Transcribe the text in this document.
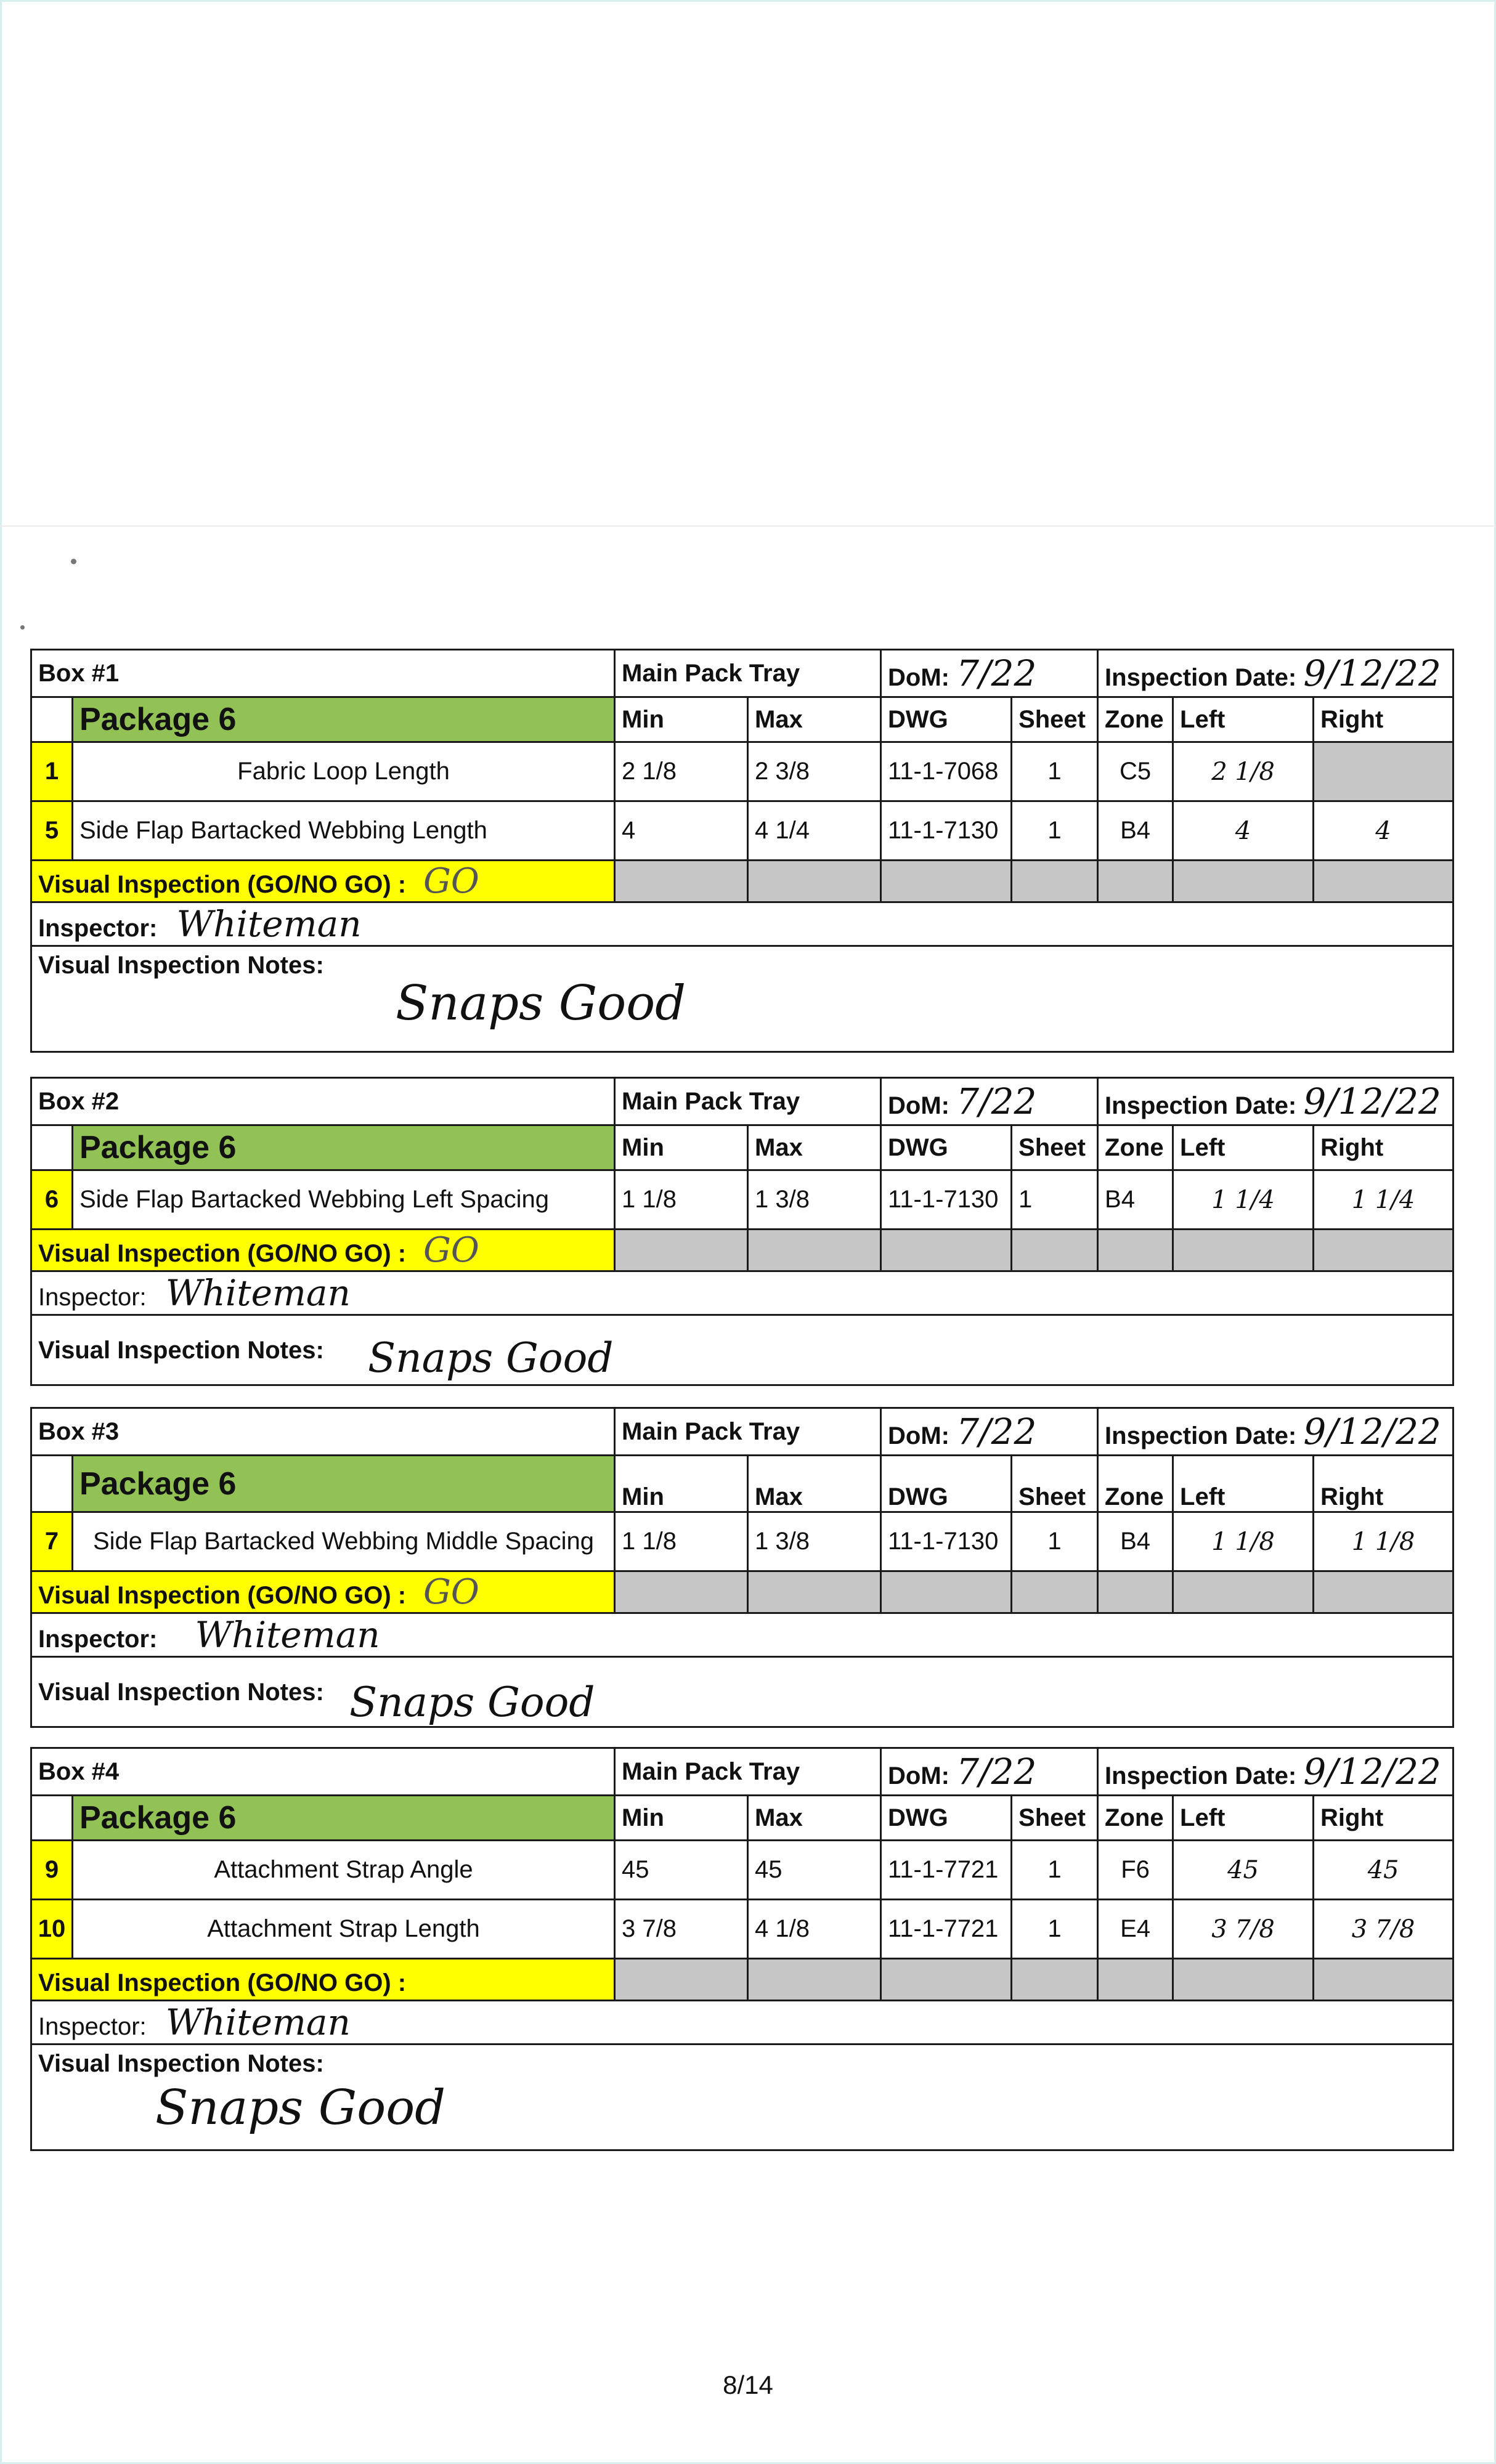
Box #1		Main Pack Tray		DoM: 7/22		Inspection Date: 9/12/22		
	Package 6	Min	Max	DWG	Sheet	Zone	Left	Right
1	Fabric Loop Length	2 1/8	2 3/8	11-1-7068	1	C5	2 1/8	
5	Side Flap Bartacked Webbing Length	4	4 1/4	11-1-7130	1	B4	4	4
Visual Inspection (GO/NO GO) : GO								
Inspector: Whiteman								

Visual Inspection Notes:
Snaps Good								
Box #2		Main Pack Tray		DoM: 7/22		Inspection Date: 9/12/22		
	Package 6	Min	Max	DWG	Sheet	Zone	Left	Right
6	Side Flap Bartacked Webbing Left Spacing	1 1/8	1 3/8	11-1-7130	1	B4	1 1/4	1 1/4
Visual Inspection (GO/NO GO) : GO								
Inspector: Whiteman								
Visual Inspection Notes: Snaps Good								
Box #3		Main Pack Tray		DoM: 7/22		Inspection Date: 9/12/22		
	Package 6	Min	Max	DWG	Sheet	Zone	Left	Right
7	Side Flap Bartacked Webbing Middle Spacing	1 1/8	1 3/8	11-1-7130	1	B4	1 1/8	1 1/8
Visual Inspection (GO/NO GO) : GO								
Inspector: Whiteman								
Visual Inspection Notes: Snaps Good								
Box #4		Main Pack Tray		DoM: 7/22		Inspection Date: 9/12/22		
	Package 6	Min	Max	DWG	Sheet	Zone	Left	Right
9	Attachment Strap Angle	45	45	11-1-7721	1	F6	45	45
10	Attachment Strap Length	3 7/8	4 1/8	11-1-7721	1	E4	3 7/8	3 7/8
Visual Inspection (GO/NO GO) :								
Inspector: Whiteman								

Visual Inspection Notes:
Snaps Good								
8/14
